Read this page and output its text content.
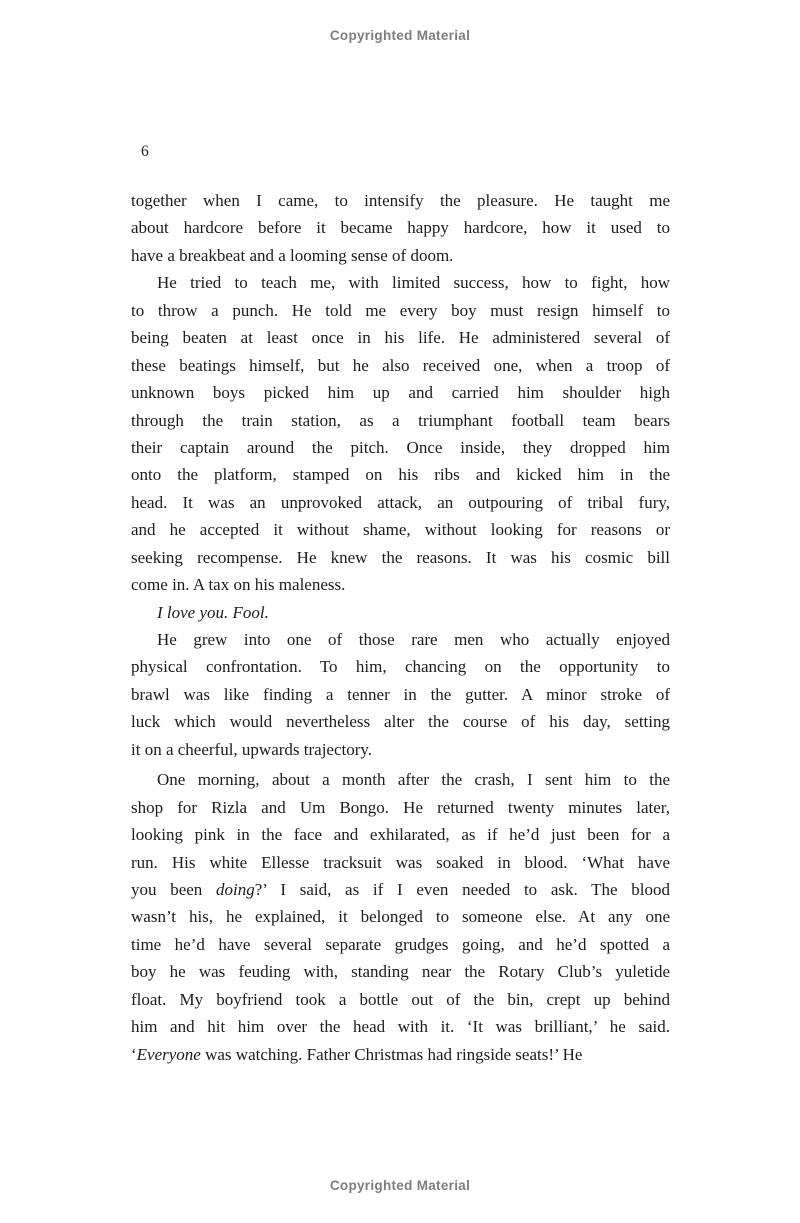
Copyrighted Material
6
together when I came, to intensify the pleasure. He taught me
about hardcore before it became happy hardcore, how it used to
have a breakbeat and a looming sense of doom.
He tried to teach me, with limited success, how to fight, how
to throw a punch. He told me every boy must resign himself to
being beaten at least once in his life. He administered several of
these beatings himself, but he also received one, when a troop of
unknown boys picked him up and carried him shoulder high
through the train station, as a triumphant football team bears
their captain around the pitch. Once inside, they dropped him
onto the platform, stamped on his ribs and kicked him in the
head. It was an unprovoked attack, an outpouring of tribal fury,
and he accepted it without shame, without looking for reasons or
seeking recompense. He knew the reasons. It was his cosmic bill
come in. A tax on his maleness.
I love you. Fool.
He grew into one of those rare men who actually enjoyed
physical confrontation. To him, chancing on the opportunity to
brawl was like finding a tenner in the gutter. A minor stroke of
luck which would nevertheless alter the course of his day, setting
it on a cheerful, upwards trajectory.
One morning, about a month after the crash, I sent him to the
shop for Rizla and Um Bongo. He returned twenty minutes later,
looking pink in the face and exhilarated, as if he’d just been for a
run. His white Ellesse tracksuit was soaked in blood. ‘What have
you been doing?’ I said, as if I even needed to ask. The blood
wasn’t his, he explained, it belonged to someone else. At any one
time he’d have several separate grudges going, and he’d spotted a
boy he was feuding with, standing near the Rotary Club’s yuletide
float. My boyfriend took a bottle out of the bin, crept up behind
him and hit him over the head with it. ‘It was brilliant,’ he said.
‘Everyone was watching. Father Christmas had ringside seats!’ He
Copyrighted Material
